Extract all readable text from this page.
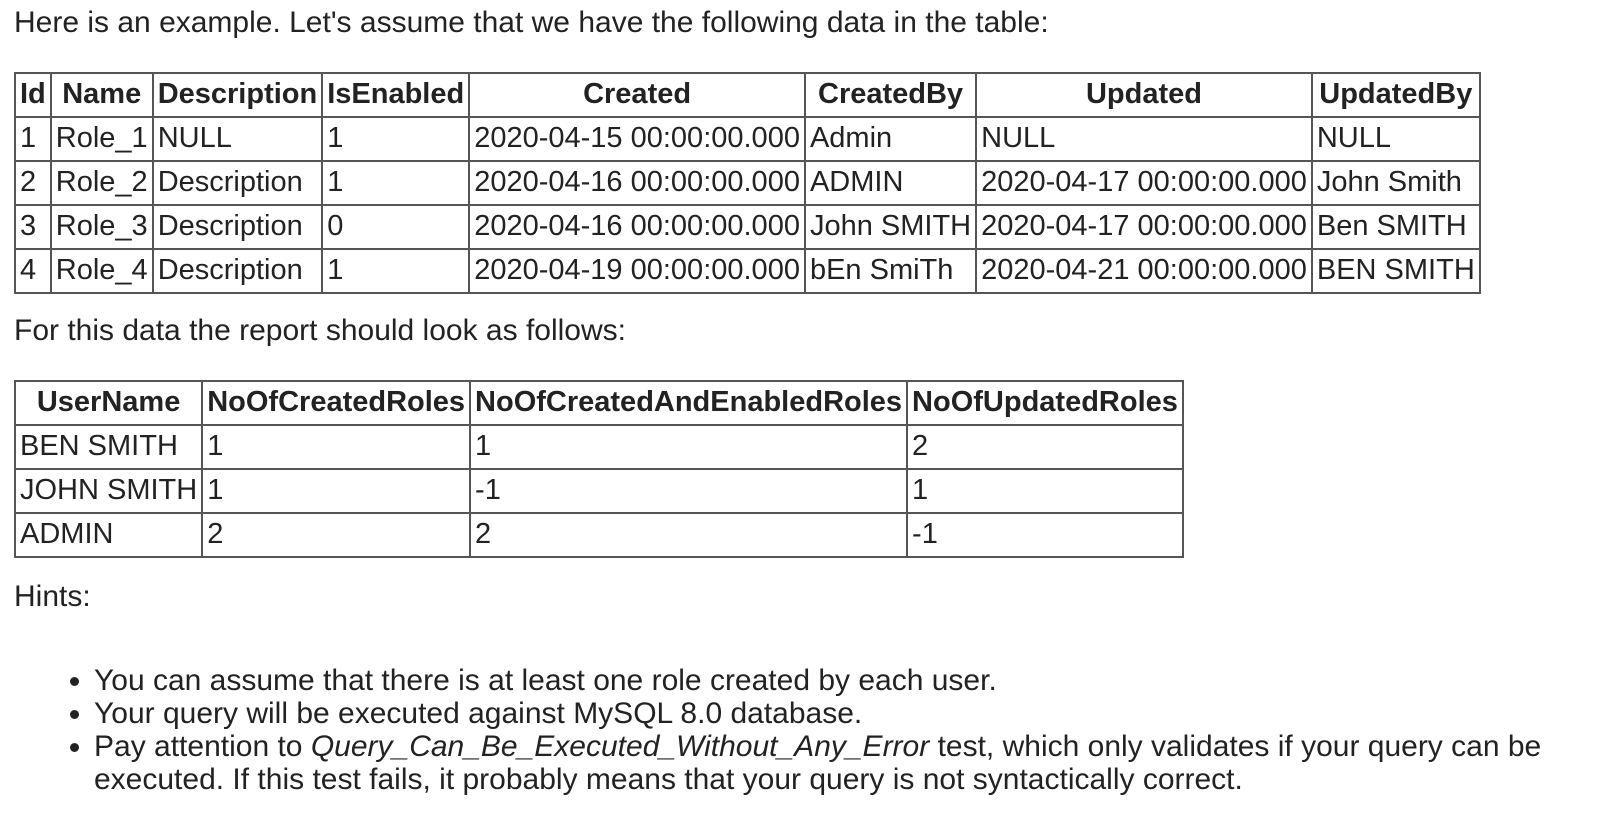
Here is an example. Let's assume that we have the following data in the table:

Id	Name	Description	IsEnabled	Created	CreatedBy	Updated	UpdatedBy
1	Role_1	NULL	1	2020-04-15 00:00:00.000	Admin	NULL	NULL
2	Role_2	Description	1	2020-04-16 00:00:00.000	ADMIN	2020-04-17 00:00:00.000	John Smith
3	Role_3	Description	0	2020-04-16 00:00:00.000	John SMITH	2020-04-17 00:00:00.000	Ben SMITH
4	Role_4	Description	1	2020-04-19 00:00:00.000	bEn SmiTh	2020-04-21 00:00:00.000	BEN SMITH

For this data the report should look as follows:

UserName	NoOfCreatedRoles	NoOfCreatedAndEnabledRoles	NoOfUpdatedRoles
BEN SMITH	1	1	2
JOHN SMITH	1	-1	1
ADMIN	2	2	-1

Hints:

• You can assume that there is at least one role created by each user.
• Your query will be executed against MySQL 8.0 database.
• Pay attention to Query_Can_Be_Executed_Without_Any_Error test, which only validates if your query can be executed. If this test fails, it probably means that your query is not syntactically correct.
